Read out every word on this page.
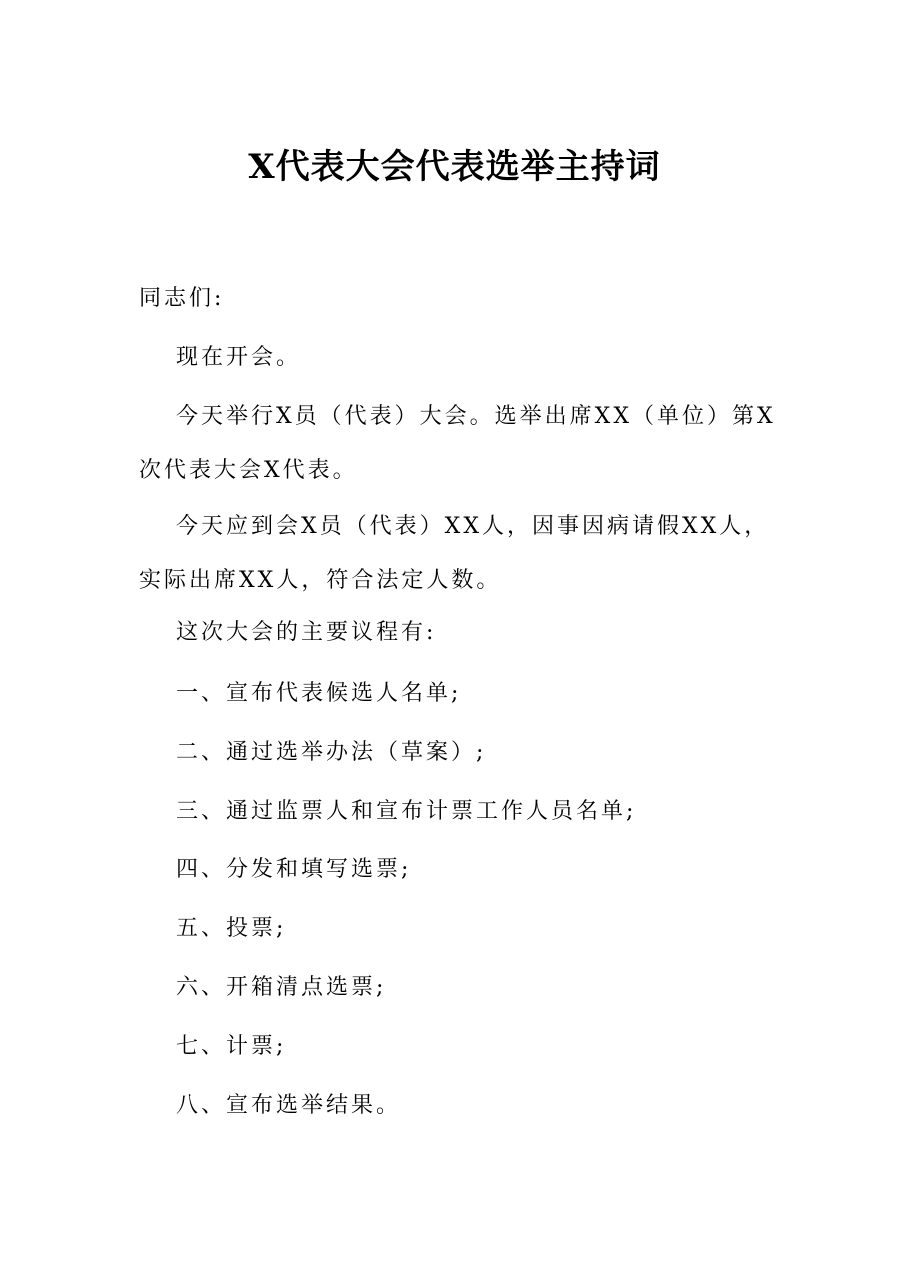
X代表大会代表选举主持词
同志们:
现在开会。
今天举行X员（代表）大会。选举出席XX（单位）第X
次代表大会X代表。
今天应到会X员（代表）XX人，因事因病请假XX人，
实际出席XX人，符合法定人数。
这次大会的主要议程有:
一、宣布代表候选人名单;
二、通过选举办法（草案）;
三、通过监票人和宣布计票工作人员名单;
四、分发和填写选票;
五、投票;
六、开箱清点选票;
七、计票;
八、宣布选举结果。
